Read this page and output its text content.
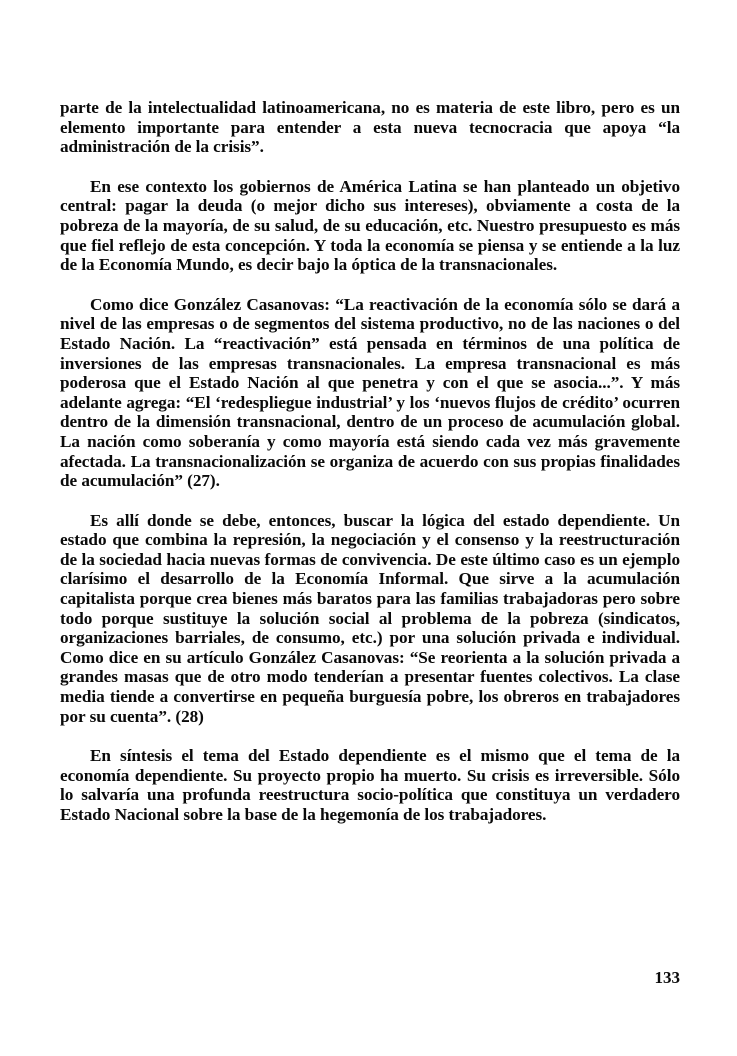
parte de la intelectualidad latinoamericana, no es materia de este libro, pero es un elemento importante para entender a esta nueva tecnocracia que apoya “la administración de la crisis”.

En ese contexto los gobiernos de América Latina se han planteado un objetivo central: pagar la deuda (o mejor dicho sus intereses), obviamente a costa de la pobreza de la mayoría, de su salud, de su educación, etc. Nuestro presupuesto es más que fiel reflejo de esta concepción. Y toda la economía se piensa y se entiende a la luz de la Economía Mundo, es decir bajo la óptica de la transnacionales.

Como dice González Casanovas: “La reactivación de la economía sólo se dará a nivel de las empresas o de segmentos del sistema productivo, no de las naciones o del Estado Nación. La “reactivación” está pensada en términos de una política de inversiones de las empresas transnacionales. La empresa transnacional es más poderosa que el Estado Nación al que penetra y con el que se asocia...”. Y más adelante agrega: “El ‘redespliegue industrial’ y los ‘nuevos flujos de crédito’ ocurren dentro de la dimensión transnacional, dentro de un proceso de acumulación global. La nación como soberanía y como mayoría está siendo cada vez más gravemente afectada. La transnacionalización se organiza de acuerdo con sus propias finalidades de acumulación” (27).

Es allí donde se debe, entonces, buscar la lógica del estado dependiente. Un estado que combina la represión, la negociación y el consenso y la reestructuración de la sociedad hacia nuevas formas de convivencia. De este último caso es un ejemplo clarísimo el desarrollo de la Economía Informal. Que sirve a la acumulación capitalista porque crea bienes más baratos para las familias trabajadoras pero sobre todo porque sustituye la solución social al problema de la pobreza (sindicatos, organizaciones barriales, de consumo, etc.) por una solución privada e individual. Como dice en su artículo González Casanovas: “Se reorienta a la solución privada a grandes masas que de otro modo tenderían a presentar fuentes colectivos. La clase media tiende a convertirse en pequeña burguesía pobre, los obreros en trabajadores por su cuenta”. (28)

En síntesis el tema del Estado dependiente es el mismo que el tema de la economía dependiente. Su proyecto propio ha muerto. Su crisis es irreversible. Sólo lo salvaría una profunda reestructura socio-política que constituya un verdadero Estado Nacional sobre la base de la hegemonía de los trabajadores.

133
